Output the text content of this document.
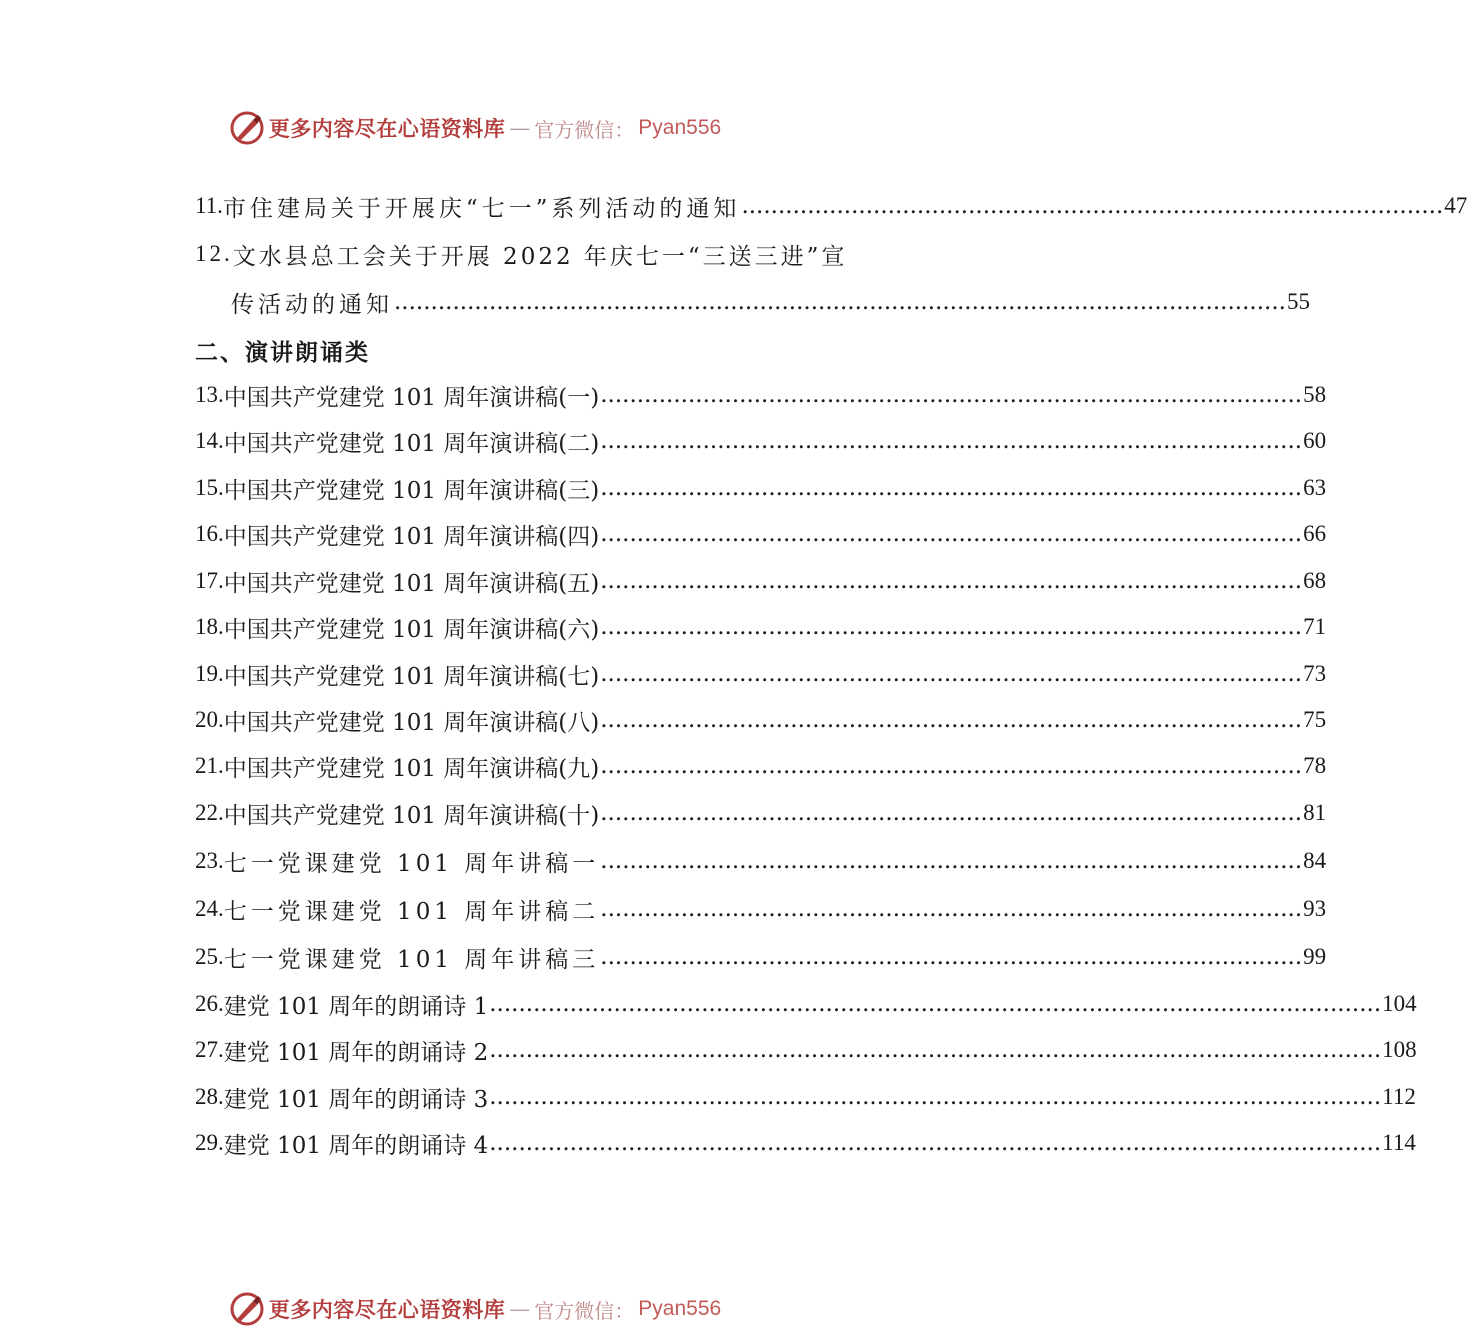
更多内容尽在心语资料库 — 官方微信： Pyan556
11. 市住建局关于开展庆“七一”系列活动的通知 ................................................................................................ 47
12. 文水县总工会关于开展 2022 年庆七一“三送三进”宣
传活动的通知 .......................................................................................................................... 55
二、演讲朗诵类
13. 中国共产党建党 101 周年演讲稿(一) ................................................................................................ 58
14. 中国共产党建党 101 周年演讲稿(二) ................................................................................................ 60
15. 中国共产党建党 101 周年演讲稿(三) ................................................................................................ 63
16. 中国共产党建党 101 周年演讲稿(四) ................................................................................................ 66
17. 中国共产党建党 101 周年演讲稿(五) ................................................................................................ 68
18. 中国共产党建党 101 周年演讲稿(六) ................................................................................................ 71
19. 中国共产党建党 101 周年演讲稿(七) ................................................................................................ 73
20. 中国共产党建党 101 周年演讲稿(八) ................................................................................................ 75
21. 中国共产党建党 101 周年演讲稿(九) ................................................................................................ 78
22. 中国共产党建党 101 周年演讲稿(十) ................................................................................................ 81
23. 七一党课建党 101 周年讲稿一 ................................................................................................ 84
24. 七一党课建党 101 周年讲稿二 ................................................................................................ 93
25. 七一党课建党 101 周年讲稿三 ................................................................................................ 99
26. 建党 101 周年的朗诵诗 1 .......................................................................................................................... 104
27. 建党 101 周年的朗诵诗 2 .......................................................................................................................... 108
28. 建党 101 周年的朗诵诗 3 .......................................................................................................................... 112
29. 建党 101 周年的朗诵诗 4 .......................................................................................................................... 114
更多内容尽在心语资料库 — 官方微信： Pyan556
